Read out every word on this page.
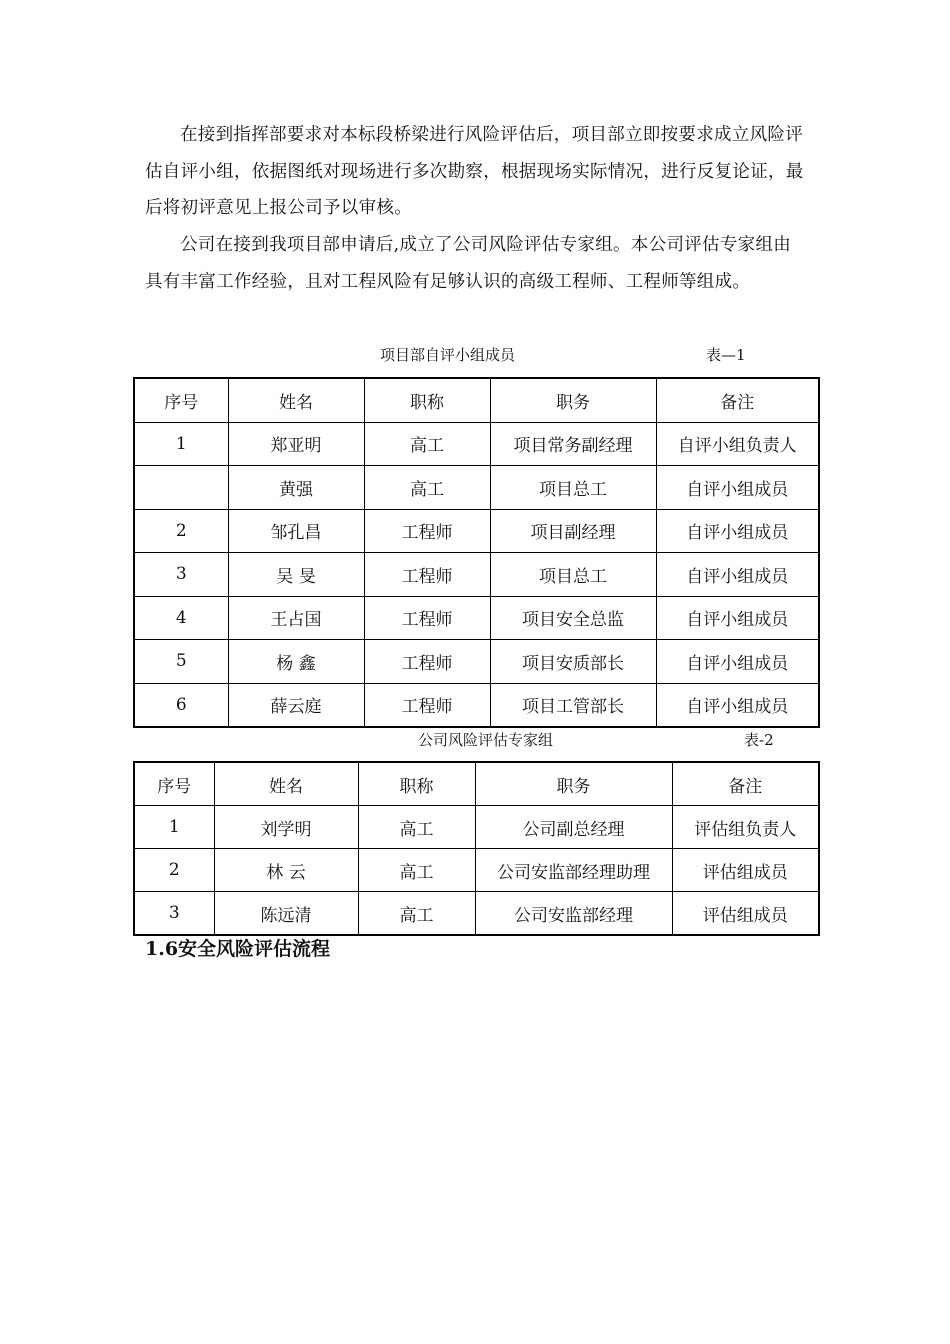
在接到指挥部要求对本标段桥梁进行风险评估后，项目部立即按要求成立风险评估自评小组，依据图纸对现场进行多次勘察，根据现场实际情况，进行反复论证，最后将初评意见上报公司予以审核。

公司在接到我项目部申请后,成立了公司风险评估专家组。本公司评估专家组由具有丰富工作经验，且对工程风险有足够认识的高级工程师、工程师等组成。

项目部自评小组成员	表—1
序号	姓名	职称	职务	备注
1	郑亚明	高工	项目常务副经理	自评小组负责人
	黄强	高工	项目总工	自评小组成员
2	邹孔昌	工程师	项目副经理	自评小组成员
3	吴 旻	工程师	项目总工	自评小组成员
4	王占国	工程师	项目安全总监	自评小组成员
5	杨 鑫	工程师	项目安质部长	自评小组成员
6	薛云庭	工程师	项目工管部长	自评小组成员
公司风险评估专家组	表-2
序号	姓名	职称	职务	备注
1	刘学明	高工	公司副总经理	评估组负责人
2	林 云	高工	公司安监部经理助理	评估组成员
3	陈远清	高工	公司安监部经理	评估组成员
1.6安全风险评估流程
